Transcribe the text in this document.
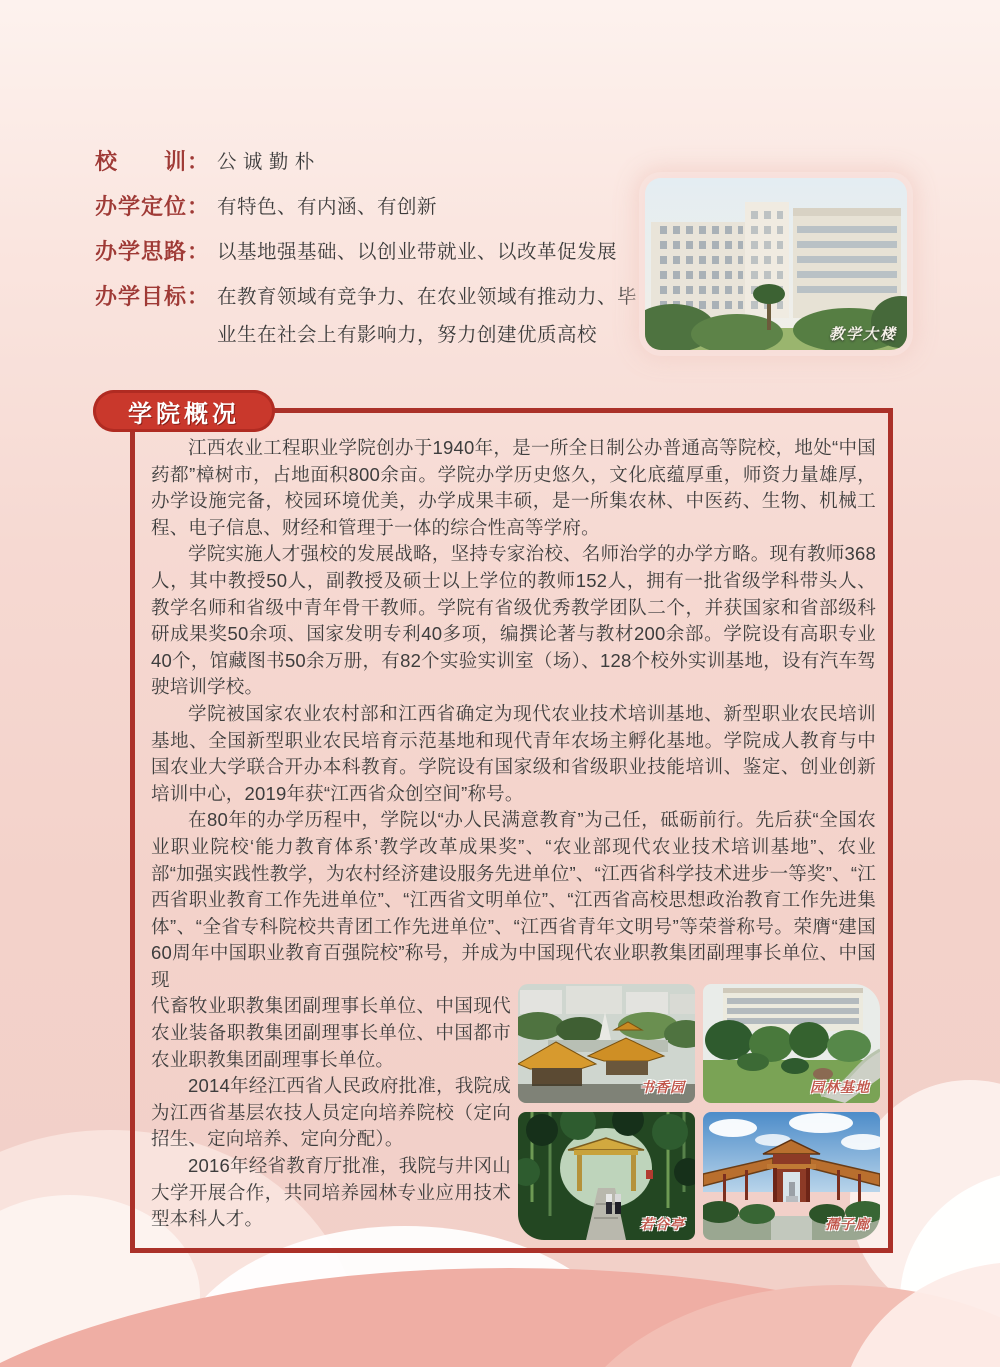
校　　训： 公 诚 勤 朴
办学定位： 有特色、有内涵、有创新
办学思路： 以基地强基础、以创业带就业、以改革促发展
办学目标： 在教育领域有竞争力、在农业领域有推动力、毕业生在社会上有影响力，努力创建优质高校	教学大楼
学院概况

江西农业工程职业学院创办于1940年，是一所全日制公办普通高等院校，地处“中国药都”樟树市，占地面积800余亩。学院办学历史悠久，文化底蕴厚重，师资力量雄厚，办学设施完备，校园环境优美，办学成果丰硕，是一所集农林、中医药、生物、机械工程、电子信息、财经和管理于一体的综合性高等学府。

学院实施人才强校的发展战略，坚持专家治校、名师治学的办学方略。现有教师368人，其中教授50人，副教授及硕士以上学位的教师152人，拥有一批省级学科带头人、教学名师和省级中青年骨干教师。学院有省级优秀教学团队二个，并获国家和省部级科研成果奖50余项、国家发明专利40多项，编撰论著与教材200余部。学院设有高职专业40个，馆藏图书50余万册，有82个实验实训室（场）、128个校外实训基地，设有汽车驾驶培训学校。

学院被国家农业农村部和江西省确定为现代农业技术培训基地、新型职业农民培训基地、全国新型职业农民培育示范基地和现代青年农场主孵化基地。学院成人教育与中国农业大学联合开办本科教育。学院设有国家级和省级职业技能培训、鉴定、创业创新培训中心，2019年获“江西省众创空间”称号。

在80年的办学历程中，学院以“办人民满意教育”为己任，砥砺前行。先后获“全国农业职业院校‘能力教育体系’教学改革成果奖”、“农业部现代农业技术培训基地”、农业部“加强实践性教学，为农村经济建设服务先进单位”、“江西省科学技术进步一等奖”、“江西省职业教育工作先进单位”、“江西省文明单位”、“江西省高校思想政治教育工作先进集体”、“全省专科院校共青团工作先进单位”、“江西省青年文明号”等荣誉称号。荣膺“建国60周年中国职业教育百强院校”称号，并成为中国现代农业职教集团副理事长单位、中国现

代畜牧业职教集团副理事长单位、中国现代农业装备职教集团副理事长单位、中国都市农业职教集团副理事长单位。

2014年经江西省人民政府批准，我院成为江西省基层农技人员定向培养院校（定向招生、定向培养、定向分配）。

2016年经省教育厅批准，我院与井冈山大学开展合作，共同培养园林专业应用技术型本科人才。

书香园	园林基地
若谷亭	孺子廊
